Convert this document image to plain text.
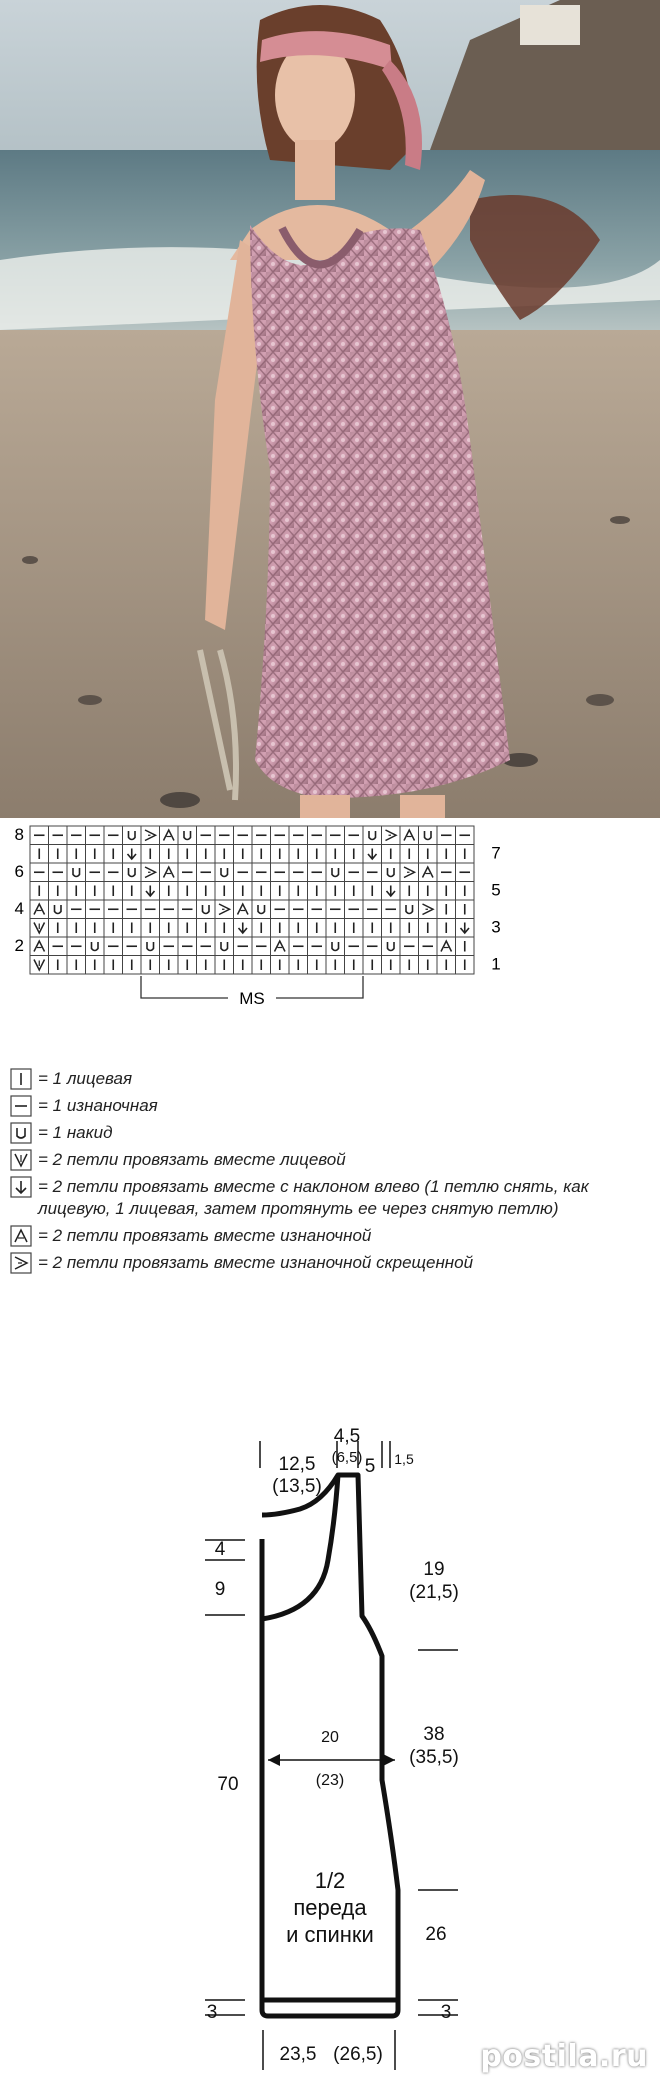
8
6
4
2
7
5
3
1
MS
= 1 лицевая
= 1 изнаночная
= 1 накид
= 2 петли провязать вместе лицевой
= 2 петли провязать вместе с наклоном влево (1 петлю снять, как лицевую, 1 лицевая, затем протянуть ее через снятую петлю)
= 2 петли провязать вместе изнаночной
= 2 петли провязать вместе изнаночной скрещенной
4,5
(6,5)
12,5
(13,5)
5 1,5
4
9
70
3
19
(21,5)
38
(35,5)
26
3
20
(23)
1/2
переда
и спинки
23,5 (26,5)	postila.ru
